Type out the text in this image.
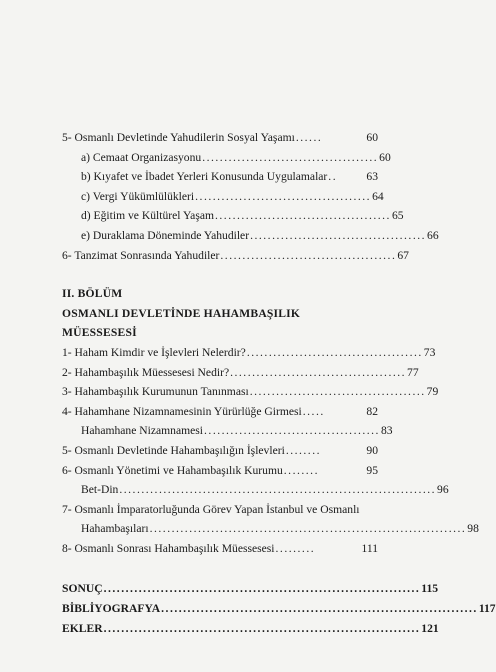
5- Osmanlı Devletinde Yahudilerin Sosyal Yaşamı ......	60
a) Cemaat Organizasyonu ........................................ 60
b) Kıyafet ve İbadet Yerleri Konusunda Uygulamalar ..	63
c) Vergi Yükümlülükleri ........................................ 64
d) Eğitim ve Kültürel Yaşam ........................................ 65
e) Duraklama Döneminde Yahudiler ........................................ 66
6- Tanzimat Sonrasında Yahudiler ........................................ 67
II. BÖLÜM
OSMANLI DEVLETİNDE HAHAMBAŞILIK MÜESSESESİ
1- Haham Kimdir ve İşlevleri Nelerdir? ........................................ 73
2- Hahambaşılık Müessesesi Nedir? ........................................ 77
3- Hahambaşılık Kurumunun Tanınması ........................................ 79
4- Hahamhane Nizamnamesinin Yürürlüğe Girmesi .....	82
Hahamhane Nizamnamesi ........................................ 83
5- Osmanlı Devletinde Hahambaşılığın İşlevleri ........	90
6- Osmanlı Yönetimi ve Hahambaşılık Kurumu ........	95
Bet-Din ........................................................................ 96
7- Osmanlı İmparatorluğunda Görev Yapan İstanbul ve Osmanlı
Hahambaşıları ........................................................................ 98
8- Osmanlı Sonrası Hahambaşılık Müessesesi .........	111
SONUÇ ........................................................................ 115
BİBLİYOGRAFYA ........................................................................ 117
EKLER ........................................................................ 121
